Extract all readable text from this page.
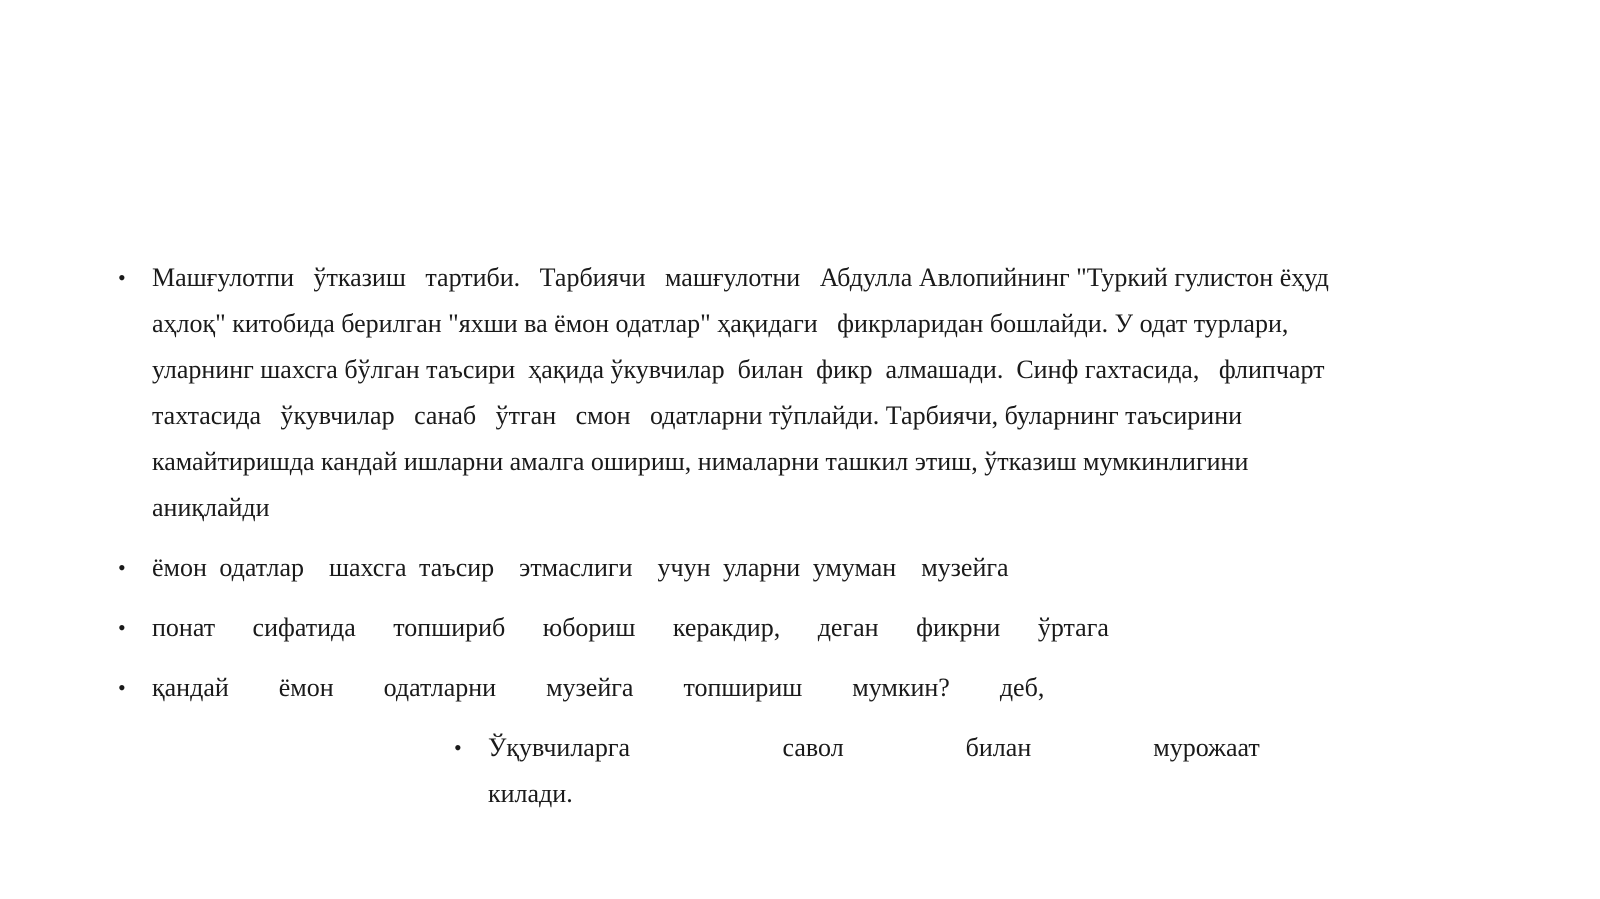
• Машғулотпи   ўтказиш   тартиби.   Тарбиячи   машғулотни   Абдулла Авлопийнинг "Туркий гулистон ёҳуд
аҳлоқ" китобида берилган "яхши ва ёмон одатлар" ҳақидаги   фикрларидан бошлайди. У одат турлари,
уларнинг шахсга бўлган таъсири  ҳақида ўкувчилар  билан  фикр  алмашади.  Синф гахтасида,   флипчарт
тахтасида   ўкувчилар   санаб   ўтган   смон   одатларни тўплайди. Тарбиячи, буларнинг таъсирини
камайтиришда кандай ишларни амалга ошириш, нималарни ташкил этиш, ўтказиш мумкинлигини
аниқлайди
• ёмон одатлар  шахсга таъсир  этмаслиги  учун уларни умуман  музейга
• понат   сифатида   топшириб   юбориш   керакдир,   деган   фикрни   ўртага
• қандай    ёмон    одатларни    музейга    топшириш    мумкин?    деб,
• Ўқувчиларга     савол    билан    мурожаат    килади.
